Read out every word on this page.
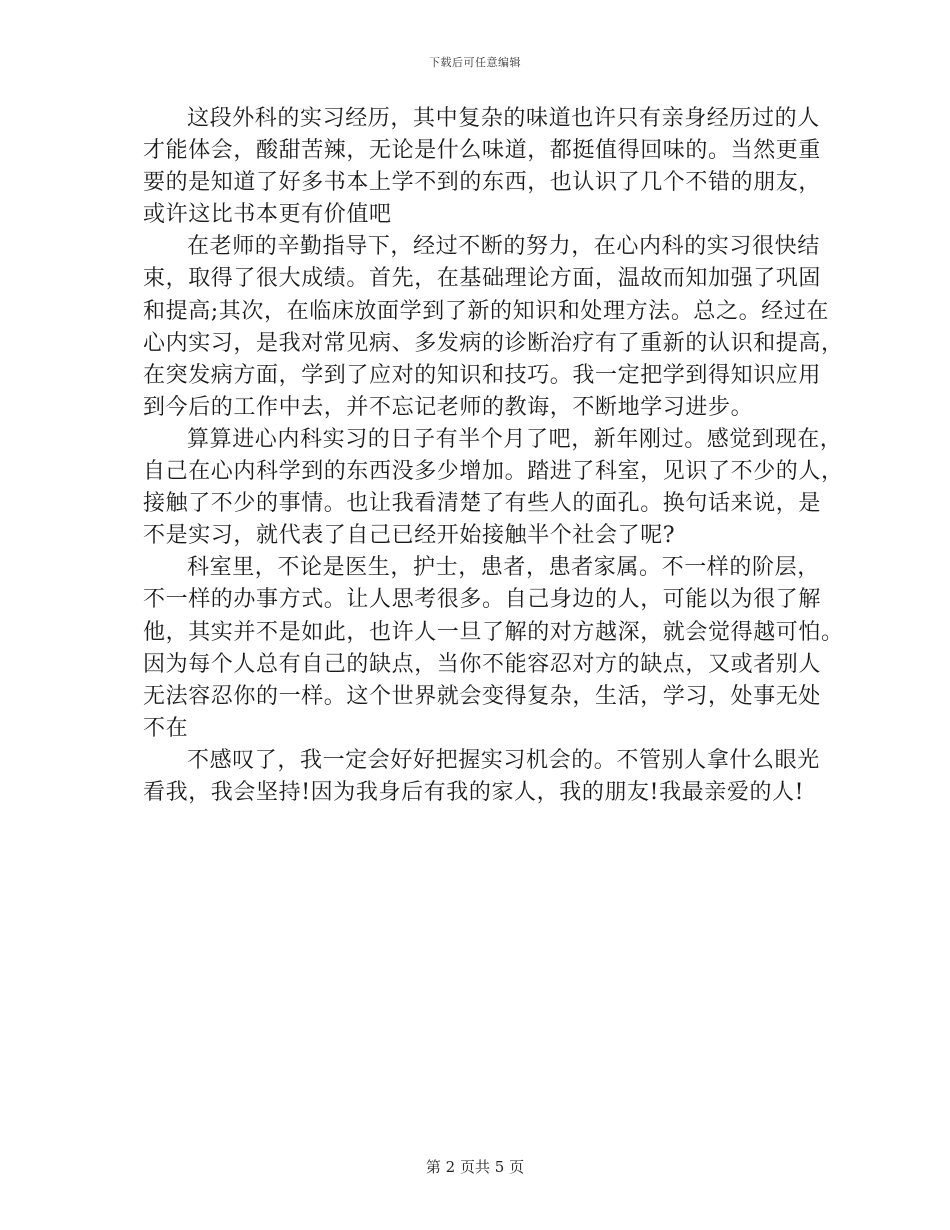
下载后可任意编辑
这段外科的实习经历，其中复杂的味道也许只有亲身经历过的人
才能体会，酸甜苦辣，无论是什么味道，都挺值得回味的。当然更重
要的是知道了好多书本上学不到的东西，也认识了几个不错的朋友，
或许这比书本更有价值吧
在老师的辛勤指导下，经过不断的努力，在心内科的实习很快结
束，取得了很大成绩。首先，在基础理论方面，温故而知加强了巩固
和提高;其次，在临床放面学到了新的知识和处理方法。总之。经过在
心内实习，是我对常见病、多发病的诊断治疗有了重新的认识和提高，
在突发病方面，学到了应对的知识和技巧。我一定把学到得知识应用
到今后的工作中去，并不忘记老师的教诲，不断地学习进步。
算算进心内科实习的日子有半个月了吧，新年刚过。感觉到现在，
自己在心内科学到的东西没多少增加。踏进了科室，见识了不少的人，
接触了不少的事情。也让我看清楚了有些人的面孔。换句话来说，是
不是实习，就代表了自己已经开始接触半个社会了呢?
科室里，不论是医生，护士，患者，患者家属。不一样的阶层，
不一样的办事方式。让人思考很多。自己身边的人，可能以为很了解
他，其实并不是如此，也许人一旦了解的对方越深，就会觉得越可怕。
因为每个人总有自己的缺点，当你不能容忍对方的缺点，又或者别人
无法容忍你的一样。这个世界就会变得复杂，生活，学习，处事无处
不在
不感叹了，我一定会好好把握实习机会的。不管别人拿什么眼光
看我，我会坚持!因为我身后有我的家人，我的朋友!我最亲爱的人!
第 2 页共 5 页
